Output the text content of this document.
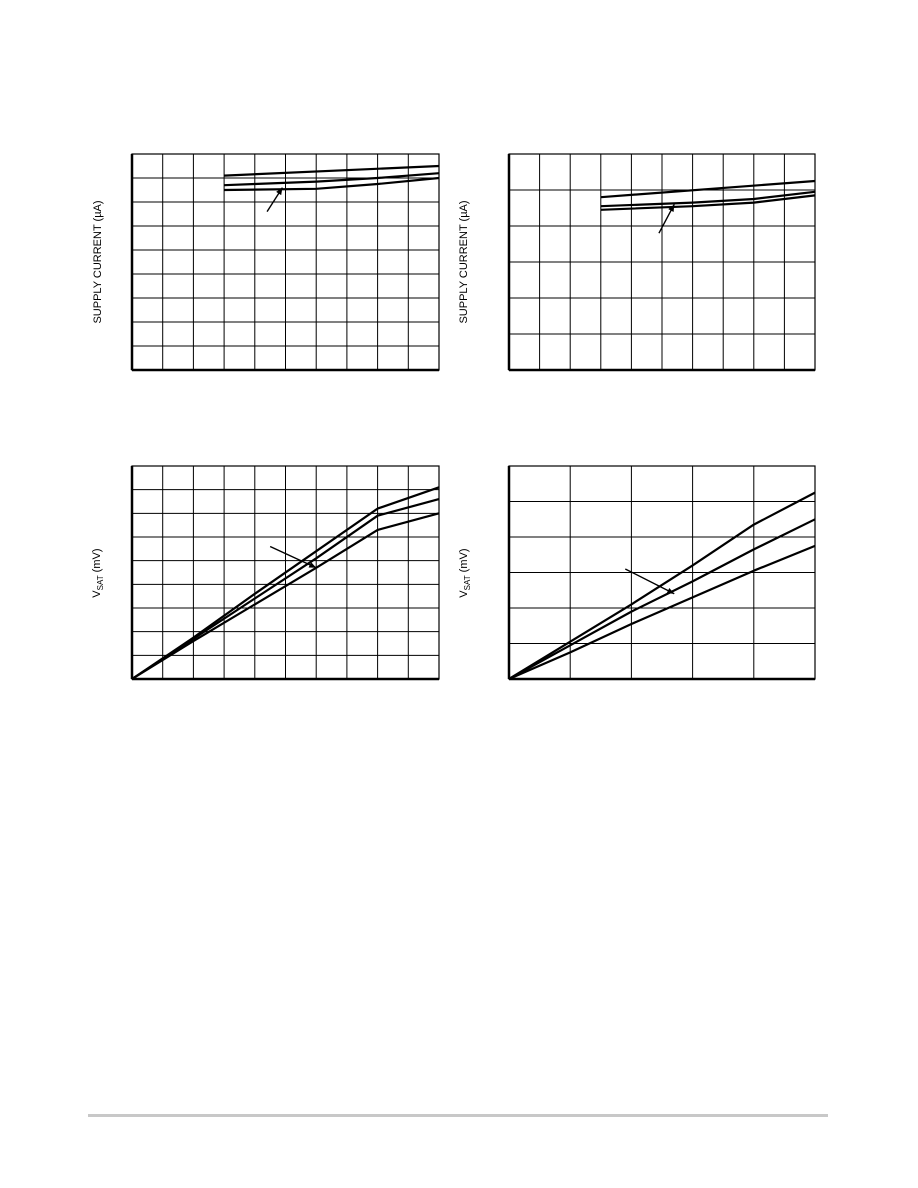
SUPPLY CURRENT (µA)	SUPPLY CURRENT (µA)
$V_{SAT}$ (mV)
$V_{SAT}$ (mV)
